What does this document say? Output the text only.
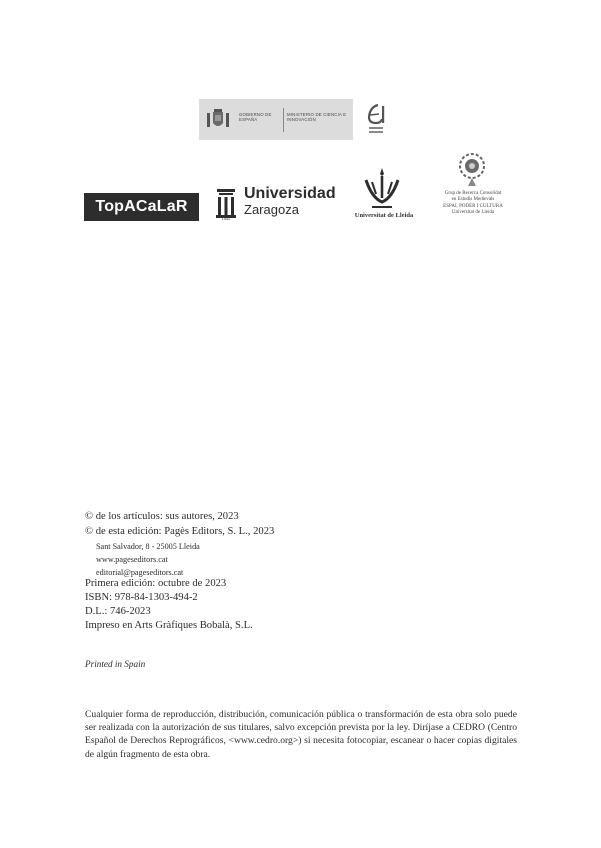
GOBIERNO DE ESPAÑA
MINISTERIO DE CIENCIA E INNOVACIÓN
TopACaLaR
1542
Universidad
Zaragoza	Universitat de Lleida
Grup de Recerca Consolidat
en Estudis Medievals
ESPAI, PODER I CULTURA
Universitat de Lleida
© de los artículos: sus autores, 2023
© de esta edición: Pagès Editors, S. L., 2023
Sant Salvador, 8 - 25005 Lleida
www.pageseditors.cat
editorial@pageseditors.cat
Primera edición: octubre de 2023
ISBN: 978-84-1303-494-2
D.L.: 746-2023
Impreso en Arts Gràfiques Bobalà, S.L.
Printed in Spain
Cualquier forma de reproducción, distribución, comunicación pública o transformación de esta obra solo puede ser realizada con la autorización de sus titulares, salvo excepción prevista por la ley. Diríjase a CEDRO (Centro Español de Derechos Reprográficos, <www.cedro.org>) si necesita fotocopiar, escanear o hacer copias digitales de algún fragmento de esta obra.
